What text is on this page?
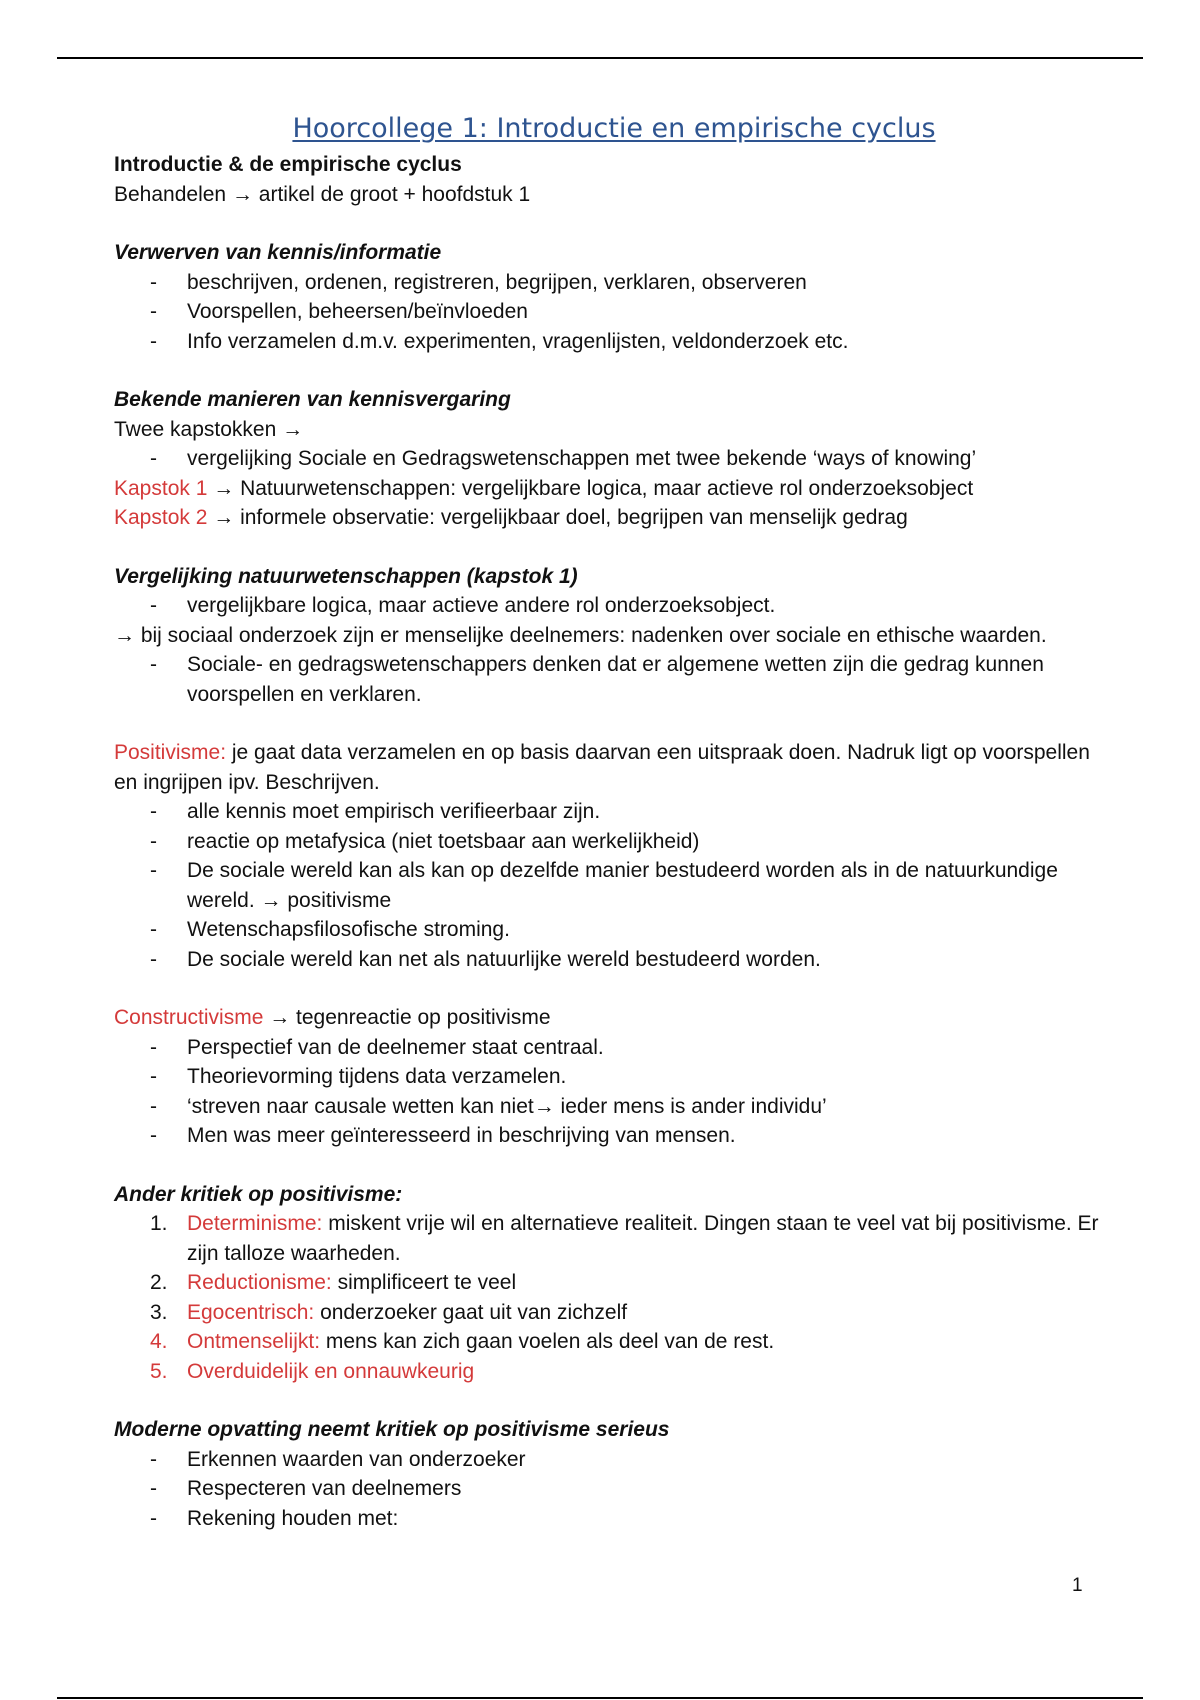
Hoorcollege 1: Introductie en empirische cyclus

Introductie & de empirische cyclus

Behandelen → artikel de groot + hoofdstuk 1

Verwerven van kennis/informatie

- beschrijven, ordenen, registreren, begrijpen, verklaren, observeren
- Voorspellen, beheersen/beïnvloeden
- Info verzamelen d.m.v. experimenten, vragenlijsten, veldonderzoek etc.

Bekende manieren van kennisvergaring

Twee kapstokken →

- vergelijking Sociale en Gedragswetenschappen met twee bekende ‘ways of knowing’

Kapstok 1 → Natuurwetenschappen: vergelijkbare logica, maar actieve rol onderzoeksobject

Kapstok 2 → informele observatie: vergelijkbaar doel, begrijpen van menselijk gedrag

Vergelijking natuurwetenschappen (kapstok 1)

- vergelijkbare logica, maar actieve andere rol onderzoeksobject.

→ bij sociaal onderzoek zijn er menselijke deelnemers: nadenken over sociale en ethische waarden.

- Sociale- en gedragswetenschappers denken dat er algemene wetten zijn die gedrag kunnen voorspellen en verklaren.

Positivisme: je gaat data verzamelen en op basis daarvan een uitspraak doen. Nadruk ligt op voorspellen en ingrijpen ipv. Beschrijven.

- alle kennis moet empirisch verifieerbaar zijn.
- reactie op metafysica (niet toetsbaar aan werkelijkheid)
- De sociale wereld kan als kan op dezelfde manier bestudeerd worden als in de natuurkundige wereld. → positivisme
- Wetenschapsfilosofische stroming.
- De sociale wereld kan net als natuurlijke wereld bestudeerd worden.

Constructivisme → tegenreactie op positivisme

- Perspectief van de deelnemer staat centraal.
- Theorievorming tijdens data verzamelen.
- ‘streven naar causale wetten kan niet→ ieder mens is ander individu’
- Men was meer geïnteresseerd in beschrijving van mensen.

Ander kritiek op positivisme:

1. Determinisme: miskent vrije wil en alternatieve realiteit. Dingen staan te veel vat bij positivisme. Er zijn talloze waarheden.
2. Reductionisme: simplificeert te veel
3. Egocentrisch: onderzoeker gaat uit van zichzelf
4. Ontmenselijkt: mens kan zich gaan voelen als deel van de rest.
5. Overduidelijk en onnauwkeurig

Moderne opvatting neemt kritiek op positivisme serieus

- Erkennen waarden van onderzoeker
- Respecteren van deelnemers
- Rekening houden met:
1
